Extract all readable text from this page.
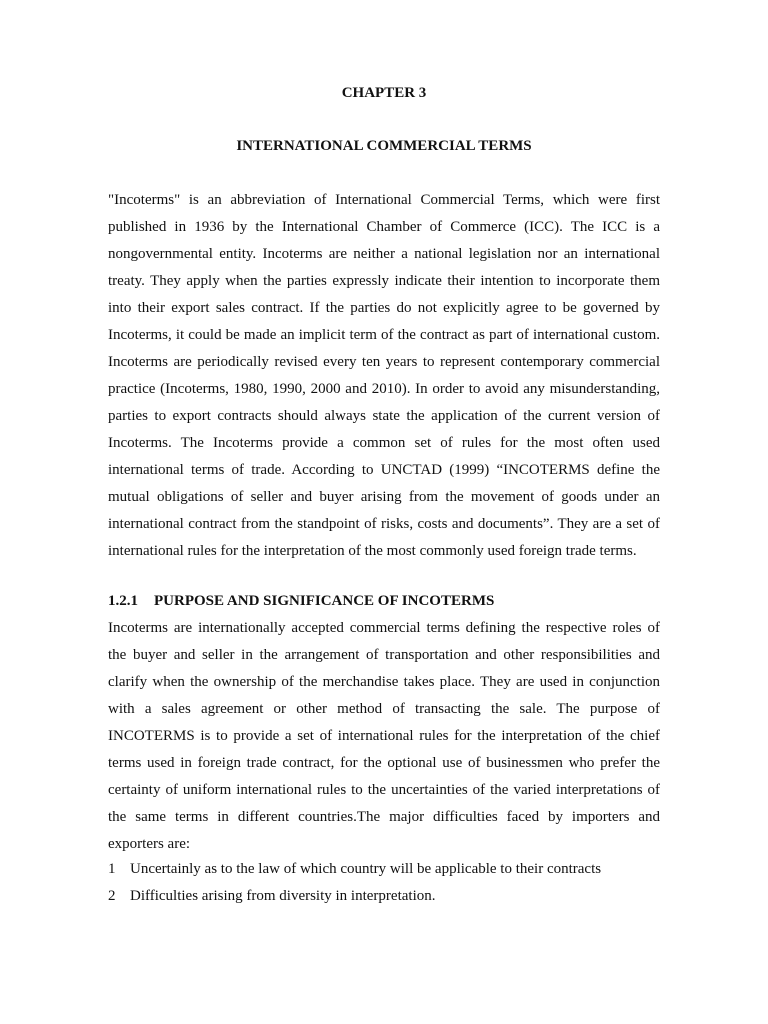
CHAPTER 3
INTERNATIONAL COMMERCIAL TERMS

"Incoterms" is an abbreviation of International Commercial Terms, which were first published in 1936 by the International Chamber of Commerce (ICC). The ICC is a nongovernmental entity. Incoterms are neither a national legislation nor an international treaty. They apply when the parties expressly indicate their intention to incorporate them into their export sales contract. If the parties do not explicitly agree to be governed by Incoterms, it could be made an implicit term of the contract as part of international custom. Incoterms are periodically revised every ten years to represent contemporary commercial practice (Incoterms, 1980, 1990, 2000 and 2010). In order to avoid any misunderstanding, parties to export contracts should always state the application of the current version of Incoterms. The Incoterms provide a common set of rules for the most often used international terms of trade. According to UNCTAD (1999) “INCOTERMS define the mutual obligations of seller and buyer arising from the movement of goods under an international contract from the standpoint of risks, costs and documents”. They are a set of international rules for the interpretation of the most commonly used foreign trade terms.

1.2.1 PURPOSE AND SIGNIFICANCE OF INCOTERMS

Incoterms are internationally accepted commercial terms defining the respective roles of the buyer and seller in the arrangement of transportation and other responsibilities and clarify when the ownership of the merchandise takes place. They are used in conjunction with a sales agreement or other method of transacting the sale. The purpose of INCOTERMS is to provide a set of international rules for the interpretation of the chief terms used in foreign trade contract, for the optional use of businessmen who prefer the certainty of uniform international rules to the uncertainties of the varied interpretations of the same terms in different countries.The major difficulties faced by importers and exporters are:

1 Uncertainly as to the law of which country will be applicable to their contracts
2 Difficulties arising from diversity in interpretation.
